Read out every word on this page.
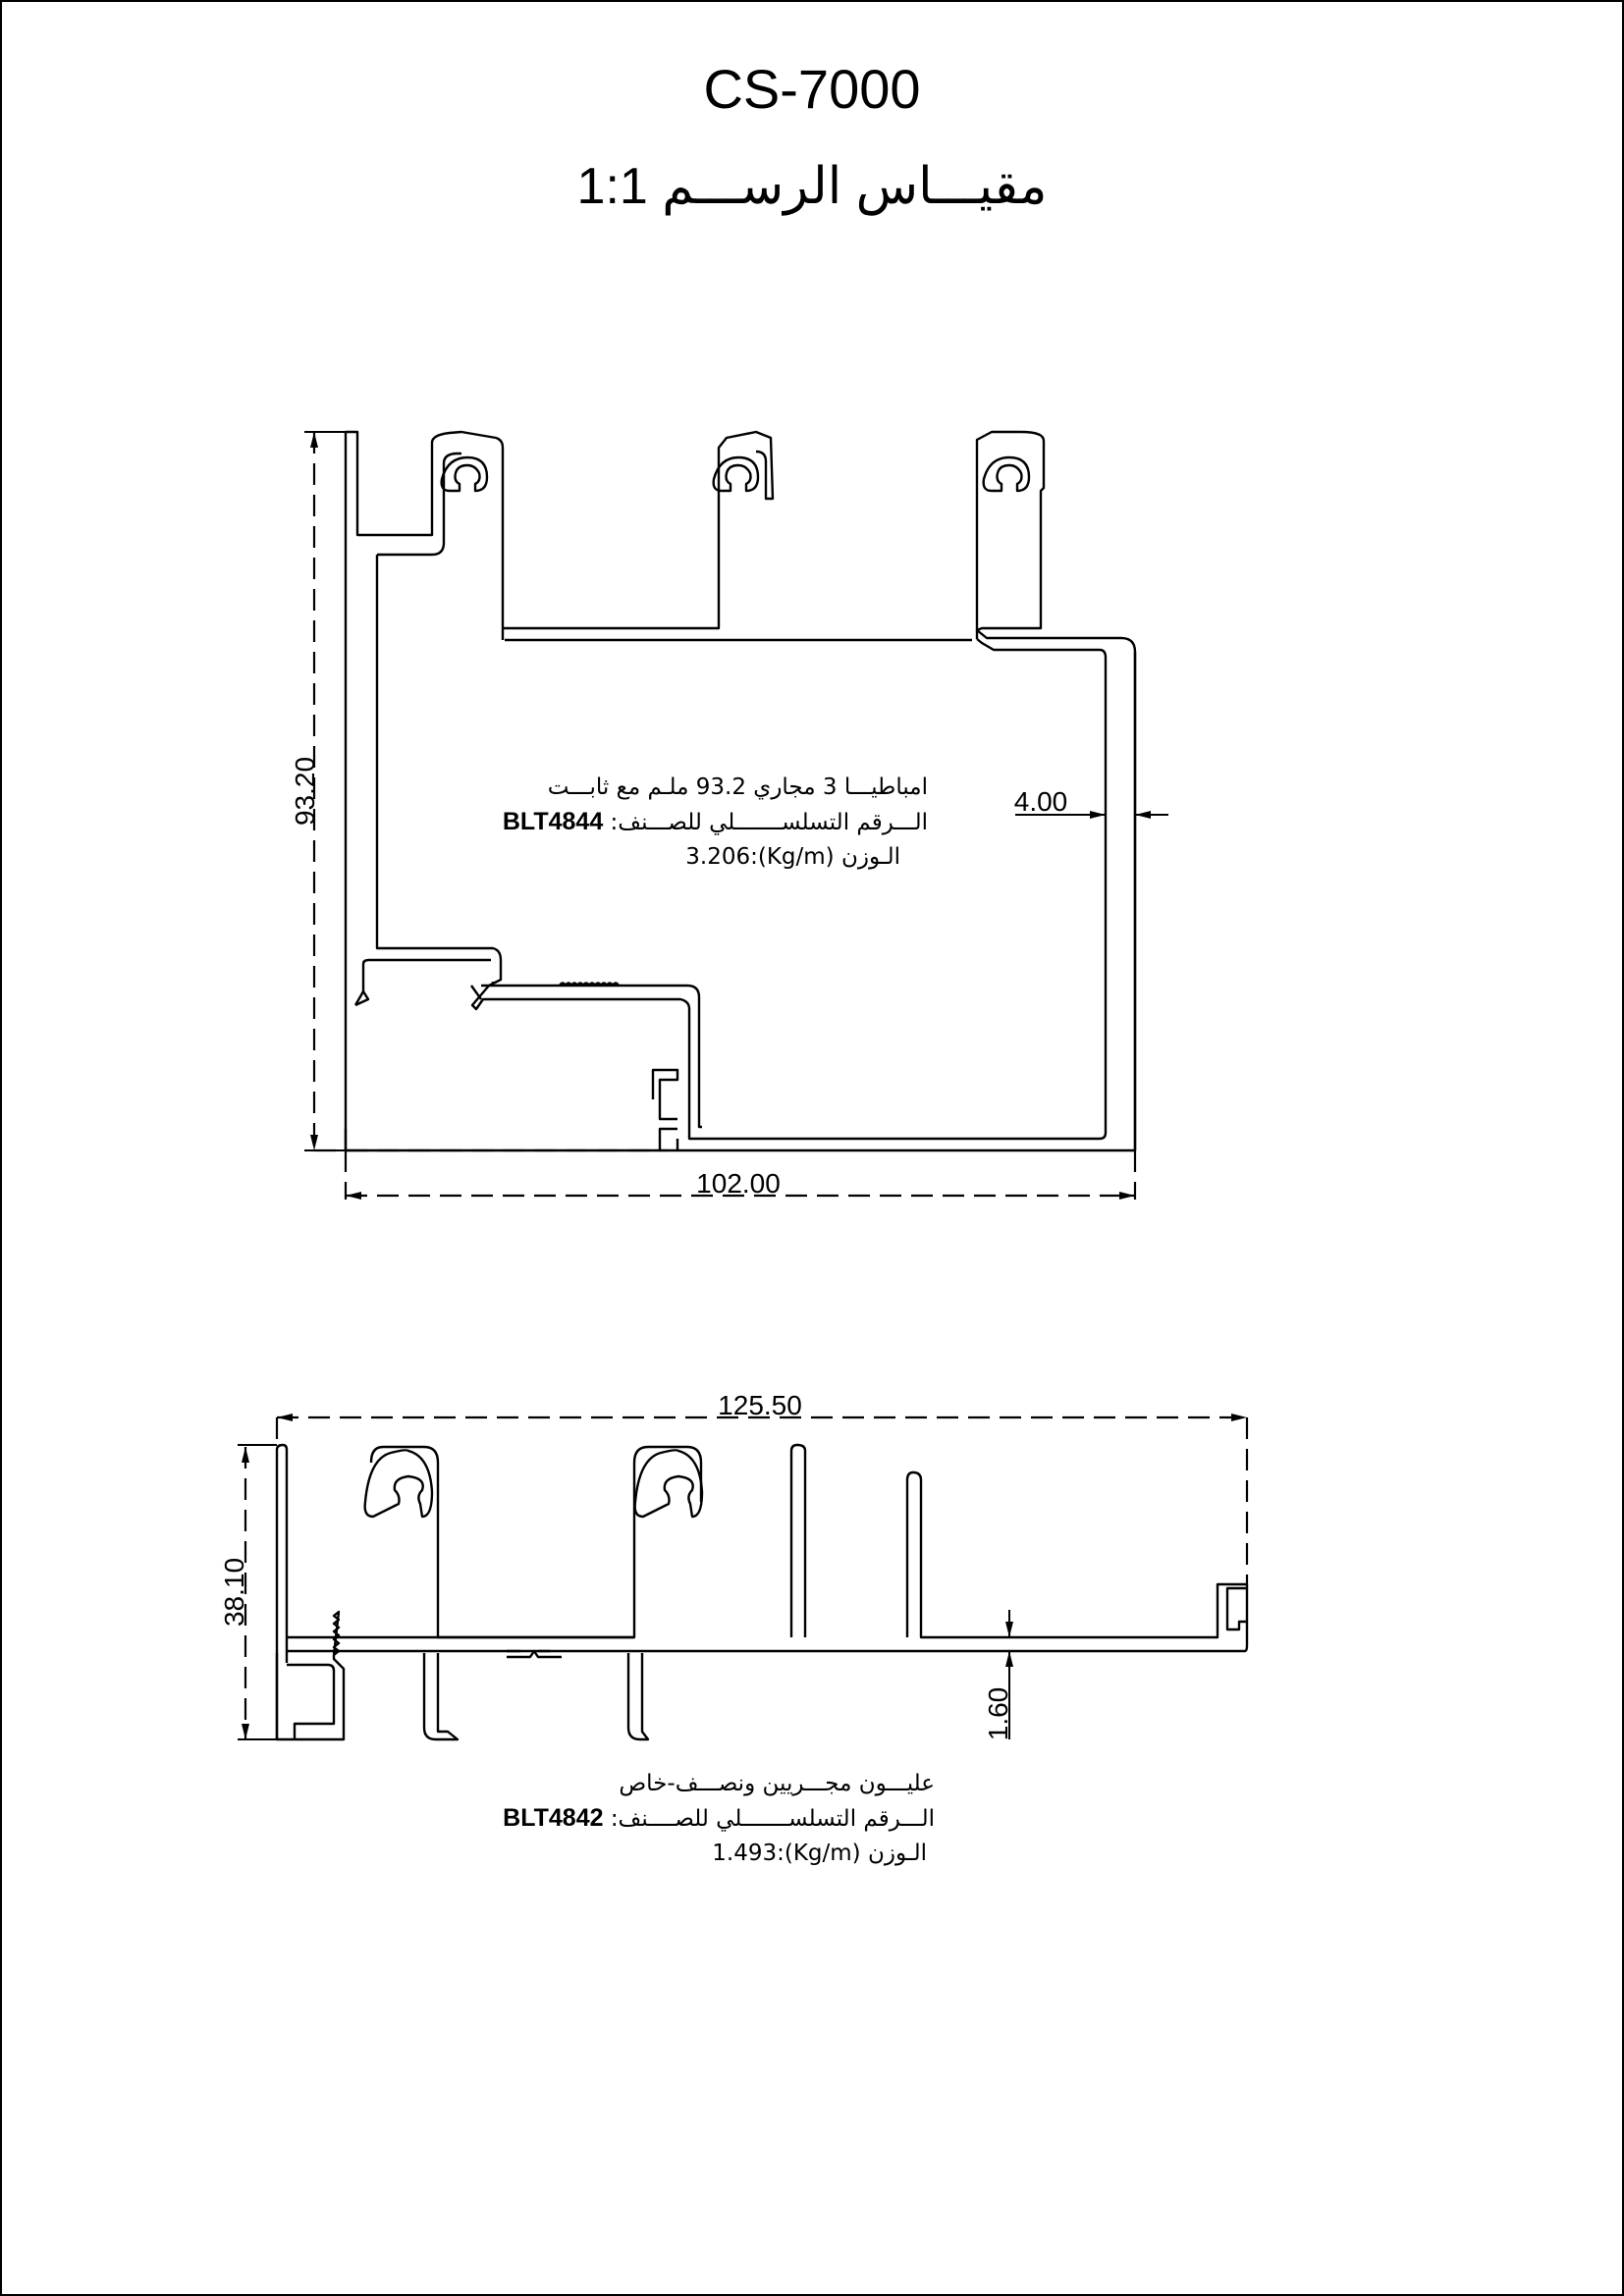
CS-7000
مقيـــاس الرســـم 1:1
93.20
102.00
4.00
125.50
38.10
1.60
امباطيـــا 3 مجاري 93.2 ملـم مع ثابـــت
BLT4844 الـــرقم التسلســـــــلي للصـــنف:
3.206:(Kg/m) الـوزن
عليـــون مجـــريين ونصـــف-خاص
BLT4842 الـــرقم التسلســـــــلي للصــــنف:
1.493:(Kg/m) الـوزن
